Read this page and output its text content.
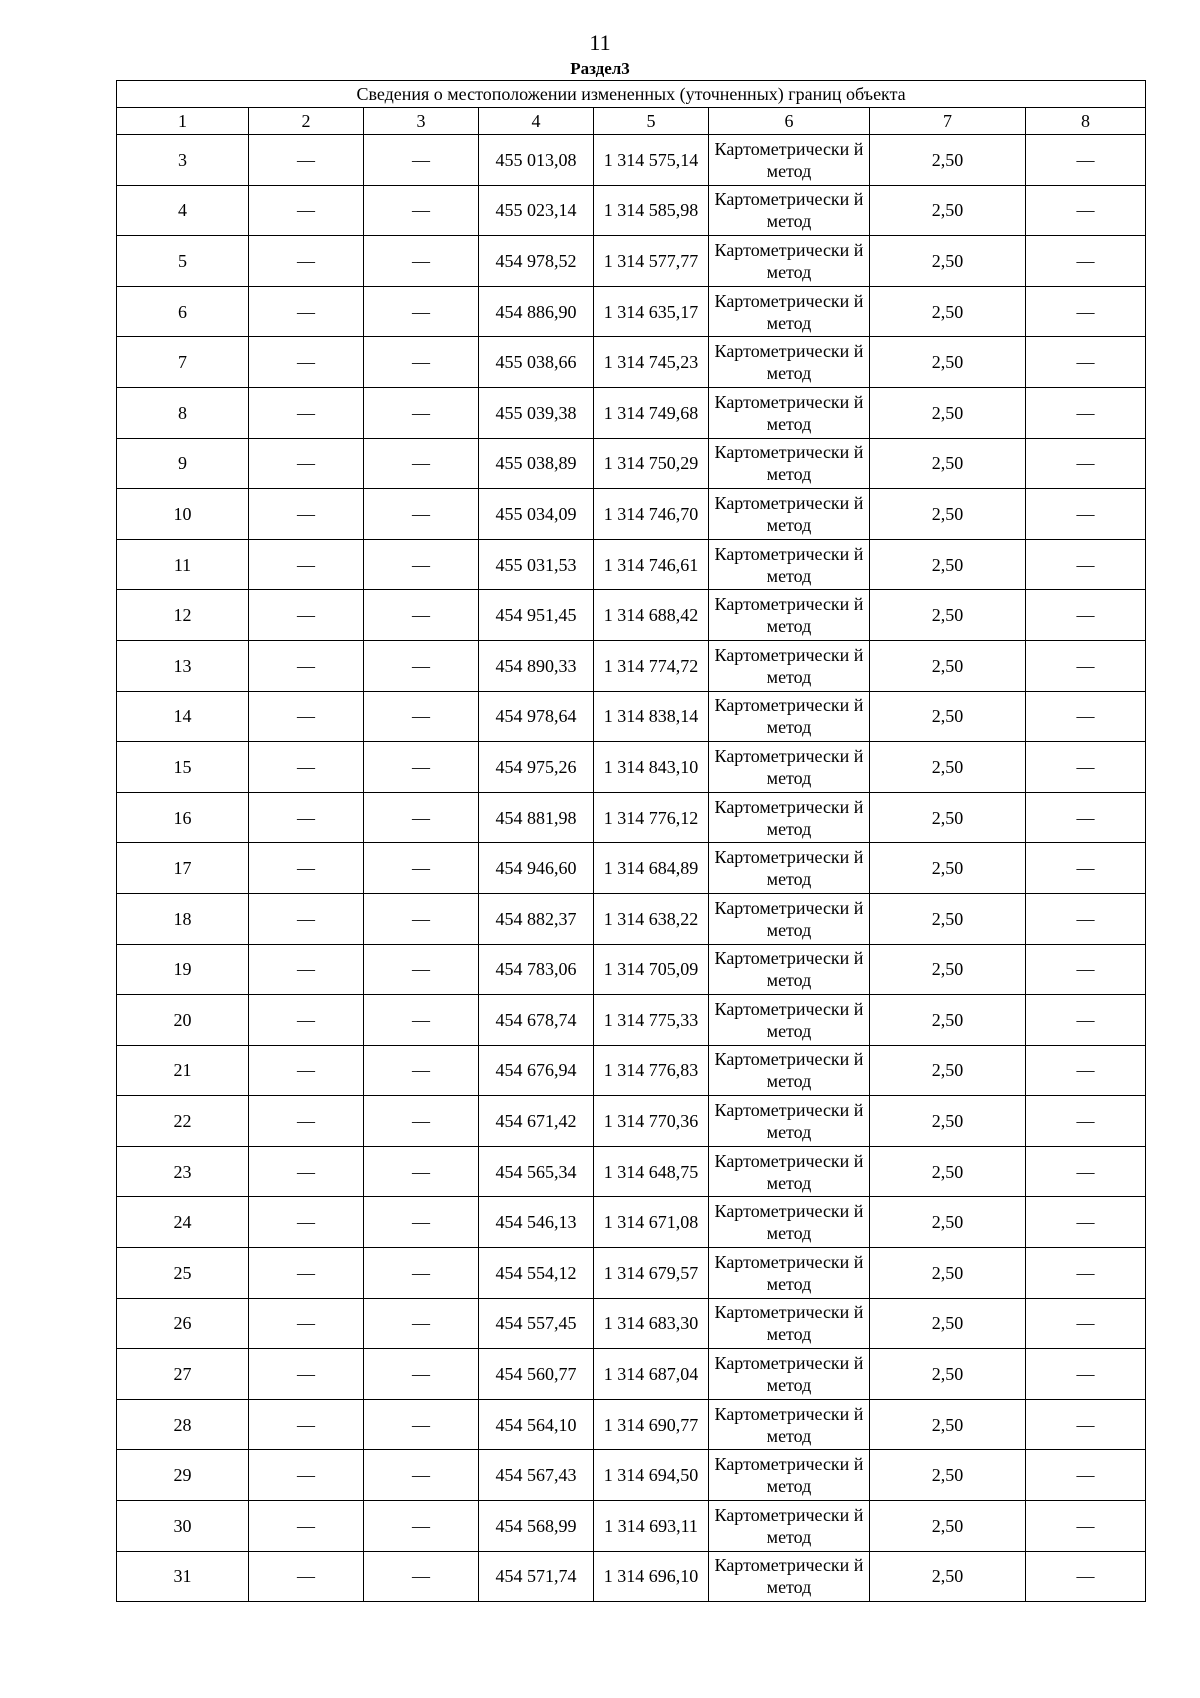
11
Раздел3
Сведения о местоположении измененных (уточненных) границ объекта							
1	2	3	4	5	6	7	8
3	—	—	455 013,08	1 314 575,14	Картометрически й метод	2,50	—
4	—	—	455 023,14	1 314 585,98	Картометрически й метод	2,50	—
5	—	—	454 978,52	1 314 577,77	Картометрически й метод	2,50	—
6	—	—	454 886,90	1 314 635,17	Картометрически й метод	2,50	—
7	—	—	455 038,66	1 314 745,23	Картометрически й метод	2,50	—
8	—	—	455 039,38	1 314 749,68	Картометрически й метод	2,50	—
9	—	—	455 038,89	1 314 750,29	Картометрически й метод	2,50	—
10	—	—	455 034,09	1 314 746,70	Картометрически й метод	2,50	—
11	—	—	455 031,53	1 314 746,61	Картометрически й метод	2,50	—
12	—	—	454 951,45	1 314 688,42	Картометрически й метод	2,50	—
13	—	—	454 890,33	1 314 774,72	Картометрически й метод	2,50	—
14	—	—	454 978,64	1 314 838,14	Картометрически й метод	2,50	—
15	—	—	454 975,26	1 314 843,10	Картометрически й метод	2,50	—
16	—	—	454 881,98	1 314 776,12	Картометрически й метод	2,50	—
17	—	—	454 946,60	1 314 684,89	Картометрически й метод	2,50	—
18	—	—	454 882,37	1 314 638,22	Картометрически й метод	2,50	—
19	—	—	454 783,06	1 314 705,09	Картометрически й метод	2,50	—
20	—	—	454 678,74	1 314 775,33	Картометрически й метод	2,50	—
21	—	—	454 676,94	1 314 776,83	Картометрически й метод	2,50	—
22	—	—	454 671,42	1 314 770,36	Картометрически й метод	2,50	—
23	—	—	454 565,34	1 314 648,75	Картометрически й метод	2,50	—
24	—	—	454 546,13	1 314 671,08	Картометрически й метод	2,50	—
25	—	—	454 554,12	1 314 679,57	Картометрически й метод	2,50	—
26	—	—	454 557,45	1 314 683,30	Картометрически й метод	2,50	—
27	—	—	454 560,77	1 314 687,04	Картометрически й метод	2,50	—
28	—	—	454 564,10	1 314 690,77	Картометрически й метод	2,50	—
29	—	—	454 567,43	1 314 694,50	Картометрически й метод	2,50	—
30	—	—	454 568,99	1 314 693,11	Картометрически й метод	2,50	—
31	—	—	454 571,74	1 314 696,10	Картометрически й метод	2,50	—
